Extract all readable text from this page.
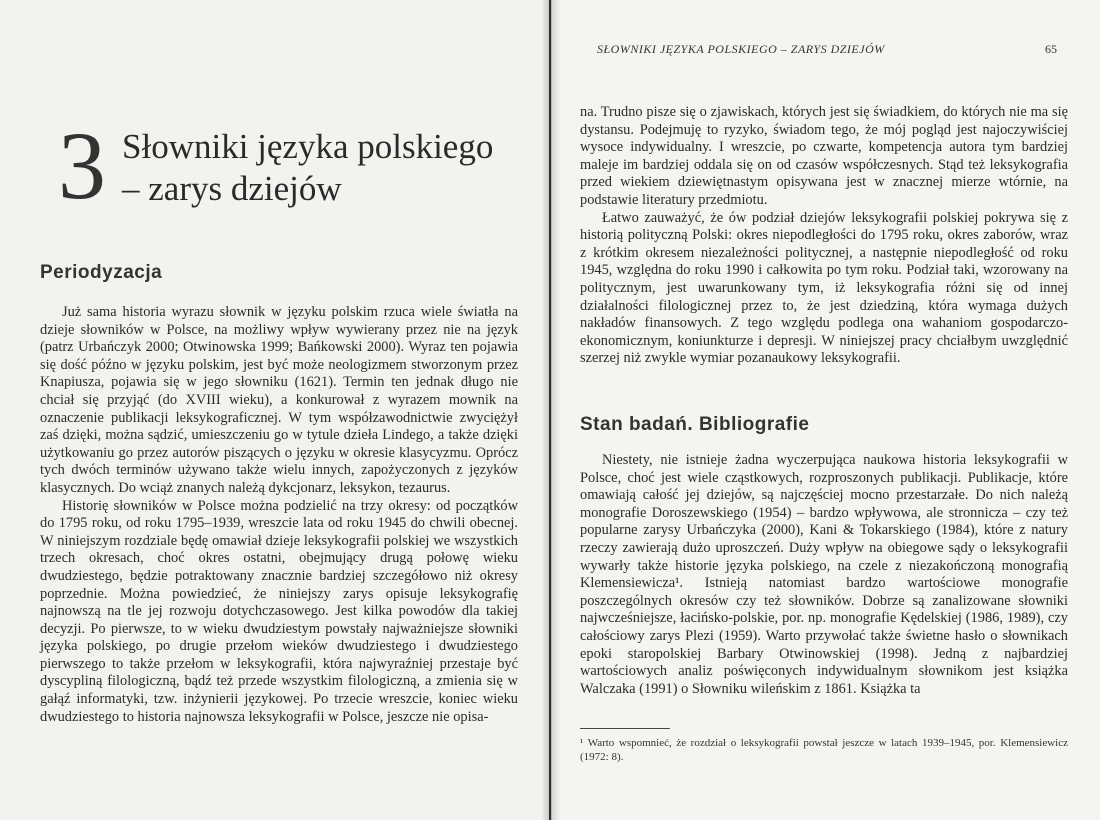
3 Słowniki języka polskiego
– zarys dziejów
Periodyzacja

Już sama historia wyrazu słownik w języku polskim rzuca wiele światła na dzieje słowników w Polsce, na możliwy wpływ wywierany przez nie na język (patrz Urbańczyk 2000; Otwinowska 1999; Bańkowski 2000). Wyraz ten pojawia się dość późno w języku polskim, jest być może neologizmem stworzonym przez Knapiusza, pojawia się w jego słowniku (1621). Termin ten jednak długo nie chciał się przyjąć (do XVIII wieku), a konkurował z wyrazem mownik na oznaczenie publikacji leksykograficznej. W tym współzawodnictwie zwyciężył zaś dzięki, można sądzić, umieszczeniu go w tytule dzieła Lindego, a także dzięki użytkowaniu go przez autorów piszących o języku w okresie klasycyzmu. Oprócz tych dwóch terminów używano także wielu innych, zapożyczonych z języków klasycznych. Do wciąż znanych należą dykcjonarz, leksykon, tezaurus.

Historię słowników w Polsce można podzielić na trzy okresy: od początków do 1795 roku, od roku 1795–1939, wreszcie lata od roku 1945 do chwili obecnej. W niniejszym rozdziale będę omawiał dzieje leksykografii polskiej we wszystkich trzech okresach, choć okres ostatni, obejmujący drugą połowę wieku dwudziestego, będzie potraktowany znacznie bardziej szczegółowo niż okresy poprzednie. Można powiedzieć, że niniejszy zarys opisuje leksykografię najnowszą na tle jej rozwoju dotychczasowego. Jest kilka powodów dla takiej decyzji. Po pierwsze, to w wieku dwudziestym powstały najważniejsze słowniki języka polskiego, po drugie przełom wieków dwudziestego i dwudziestego pierwszego to także przełom w leksykografii, która najwyraźniej przestaje być dyscypliną filologiczną, bądź też przede wszystkim filologiczną, a zmienia się w gałąź informatyki, tzw. inżynierii językowej. Po trzecie wreszcie, koniec wieku dwudziestego to historia najnowsza leksykografii w Polsce, jeszcze nie opisa-

SŁOWNIKI JĘZYKA POLSKIEGO – ZARYS DZIEJÓW	65

na. Trudno pisze się o zjawiskach, których jest się świadkiem, do których nie ma się dystansu. Podejmuję to ryzyko, świadom tego, że mój pogląd jest najoczywiściej wysoce indywidualny. I wreszcie, po czwarte, kompetencja autora tym bardziej maleje im bardziej oddala się on od czasów współczesnych. Stąd też leksykografia przed wiekiem dziewiętnastym opisywana jest w znacznej mierze wtórnie, na podstawie literatury przedmiotu.

Łatwo zauważyć, że ów podział dziejów leksykografii polskiej pokrywa się z historią polityczną Polski: okres niepodległości do 1795 roku, okres zaborów, wraz z krótkim okresem niezależności politycznej, a następnie niepodległość od roku 1945, względna do roku 1990 i całkowita po tym roku. Podział taki, wzorowany na politycznym, jest uwarunkowany tym, iż leksykografia różni się od innej działalności filologicznej przez to, że jest dziedziną, która wymaga dużych nakładów finansowych. Z tego względu podlega ona wahaniom gospodarczo-ekonomicznym, koniunkturze i depresji. W niniejszej pracy chciałbym uwzględnić szerzej niż zwykle wymiar pozanaukowy leksykografii.

Stan badań. Bibliografie

Niestety, nie istnieje żadna wyczerpująca naukowa historia leksykografii w Polsce, choć jest wiele cząstkowych, rozproszonych publikacji. Publikacje, które omawiają całość jej dziejów, są najczęściej mocno przestarzałe. Do nich należą monografie Doroszewskiego (1954) – bardzo wpływowa, ale stronnicza – czy też popularne zarysy Urbańczyka (2000), Kani & Tokarskiego (1984), które z natury rzeczy zawierają dużo uproszczeń. Duży wpływ na obiegowe sądy o leksykografii wywarły także historie języka polskiego, na czele z niezakończoną monografią Klemensiewicza¹. Istnieją natomiast bardzo wartościowe monografie poszczególnych okresów czy też słowników. Dobrze są zanalizowane słowniki najwcześniejsze, łacińsko-polskie, por. np. monografie Kędelskiej (1986, 1989), czy całościowy zarys Plezi (1959). Warto przywołać także świetne hasło o słownikach epoki staropolskiej Barbary Otwinowskiej (1998). Jedną z najbardziej wartościowych analiz poświęconych indywidualnym słownikom jest książka Walczaka (1991) o Słowniku wileńskim z 1861. Książka ta

¹ Warto wspomnieć, że rozdział o leksykografii powstał jeszcze w latach 1939–1945, por. Klemensiewicz (1972: 8).
